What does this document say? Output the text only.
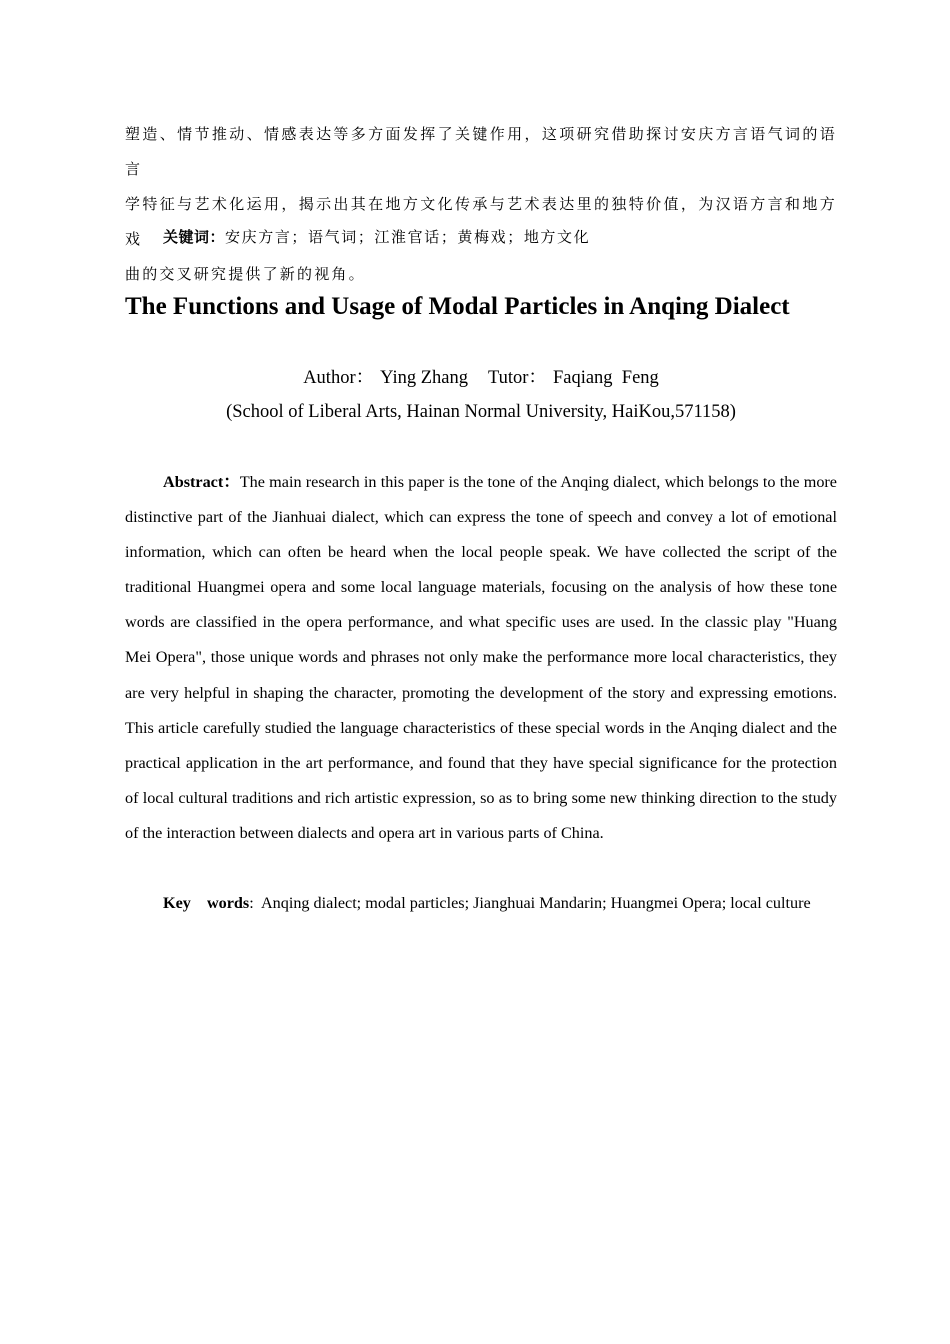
塑造、情节推动、情感表达等多方面发挥了关键作用，这项研究借助探讨安庆方言语气词的语言

学特征与艺术化运用，揭示出其在地方文化传承与艺术表达里的独特价值，为汉语方言和地方戏

曲的交叉研究提供了新的视角。

关键词：安庆方言；语气词；江淮官话；黄梅戏；地方文化
The Functions and Usage of Modal Particles in Anqing Dialect
Author： Ying Zhang Tutor： Faqiang  Feng
(School of Liberal Arts, Hainan Normal University, HaiKou,571158)

Abstract：The main research in this paper is the tone of the Anqing dialect, which belongs to the more distinctive part of the Jianhuai dialect, which can express the tone of speech and convey a lot of emotional information, which can often be heard when the local people speak. We have collected the script of the traditional Huangmei opera and some local language materials, focusing on the analysis of how these tone words are classified in the opera performance, and what specific uses are used. In the classic play "Huang Mei Opera", those unique words and phrases not only make the performance more local characteristics, they are very helpful in shaping the character, promoting the development of the story and expressing emotions. This article carefully studied the language characteristics of these special words in the Anqing dialect and the practical application in the art performance, and found that they have special significance for the protection of local cultural traditions and rich artistic expression, so as to bring some new thinking direction to the study of the interaction between dialects and opera art in various parts of China.

Key  words: Anqing dialect; modal particles; Jianghuai Mandarin; Huangmei Opera; local culture
